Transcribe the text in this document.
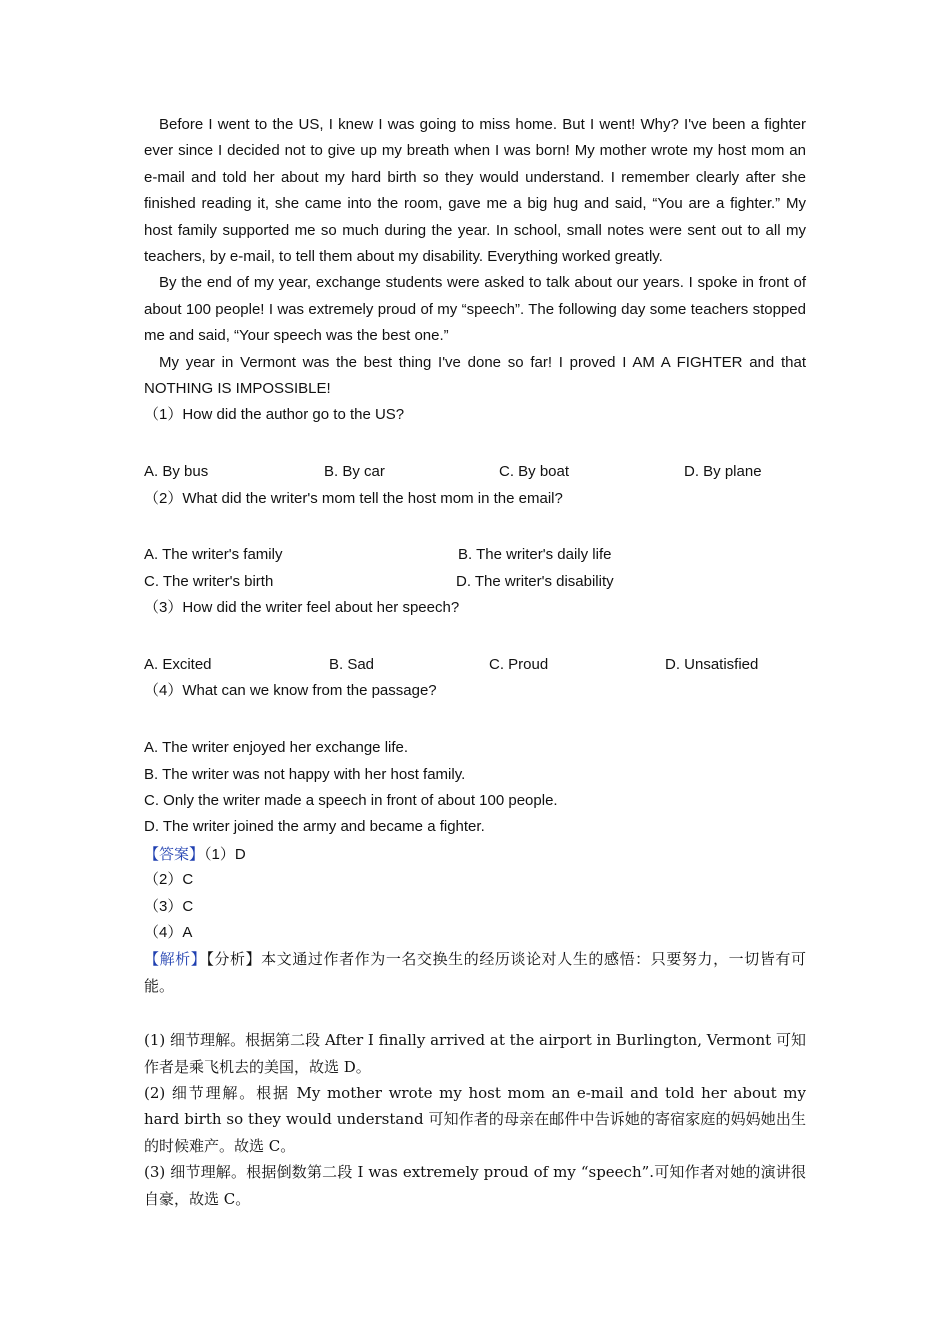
Before I went to the US, I knew I was going to miss home. But I went! Why? I've been a fighter ever since I decided not to give up my breath when I was born! My mother wrote my host mom an e-mail and told her about my hard birth so they would understand. I remember clearly after she finished reading it, she came into the room, gave me a big hug and said, “You are a fighter.” My host family supported me so much during the year. In school, small notes were sent out to all my teachers, by e-mail, to tell them about my disability. Everything worked greatly.

By the end of my year, exchange students were asked to talk about our years. I spoke in front of about 100 people! I was extremely proud of my “speech”. The following day some teachers stopped me and said, “Your speech was the best one.”

My year in Vermont was the best thing I've done so far! I proved I AM A FIGHTER and that NOTHING IS IMPOSSIBLE!

（1）How did the author go to the US?
A. By bus	B. By car	C. By boat	D. By plane
（2）What did the writer's mom tell the host mom in the email?
A. The writer's family	B. The writer's daily life
C. The writer's birth	D. The writer's disability
（3）How did the writer feel about her speech?
A. Excited	B. Sad	C. Proud	D. Unsatisfied
（4）What can we know from the passage?
A. The writer enjoyed her exchange life.
B. The writer was not happy with her host family.
C. Only the writer made a speech in front of about 100 people.
D. The writer joined the army and became a fighter.
【答案】（1）D
（2）C
（3）C
（4）A

【解析】【分析】本文通过作者作为一名交换生的经历谈论对人生的感悟：只要努力，一切皆有可能。

(1) 细节理解。根据第二段 After I finally arrived at the airport in Burlington, Vermont 可知作者是乘飞机去的美国，故选 D。

(2) 细节理解。根据 My mother wrote my host mom an e-mail and told her about my hard birth so they would understand 可知作者的母亲在邮件中告诉她的寄宿家庭的妈妈她出生的时候难产。故选 C。

(3) 细节理解。根据倒数第二段 I was extremely proud of my “speech”.可知作者对她的演讲很自豪，故选 C。
